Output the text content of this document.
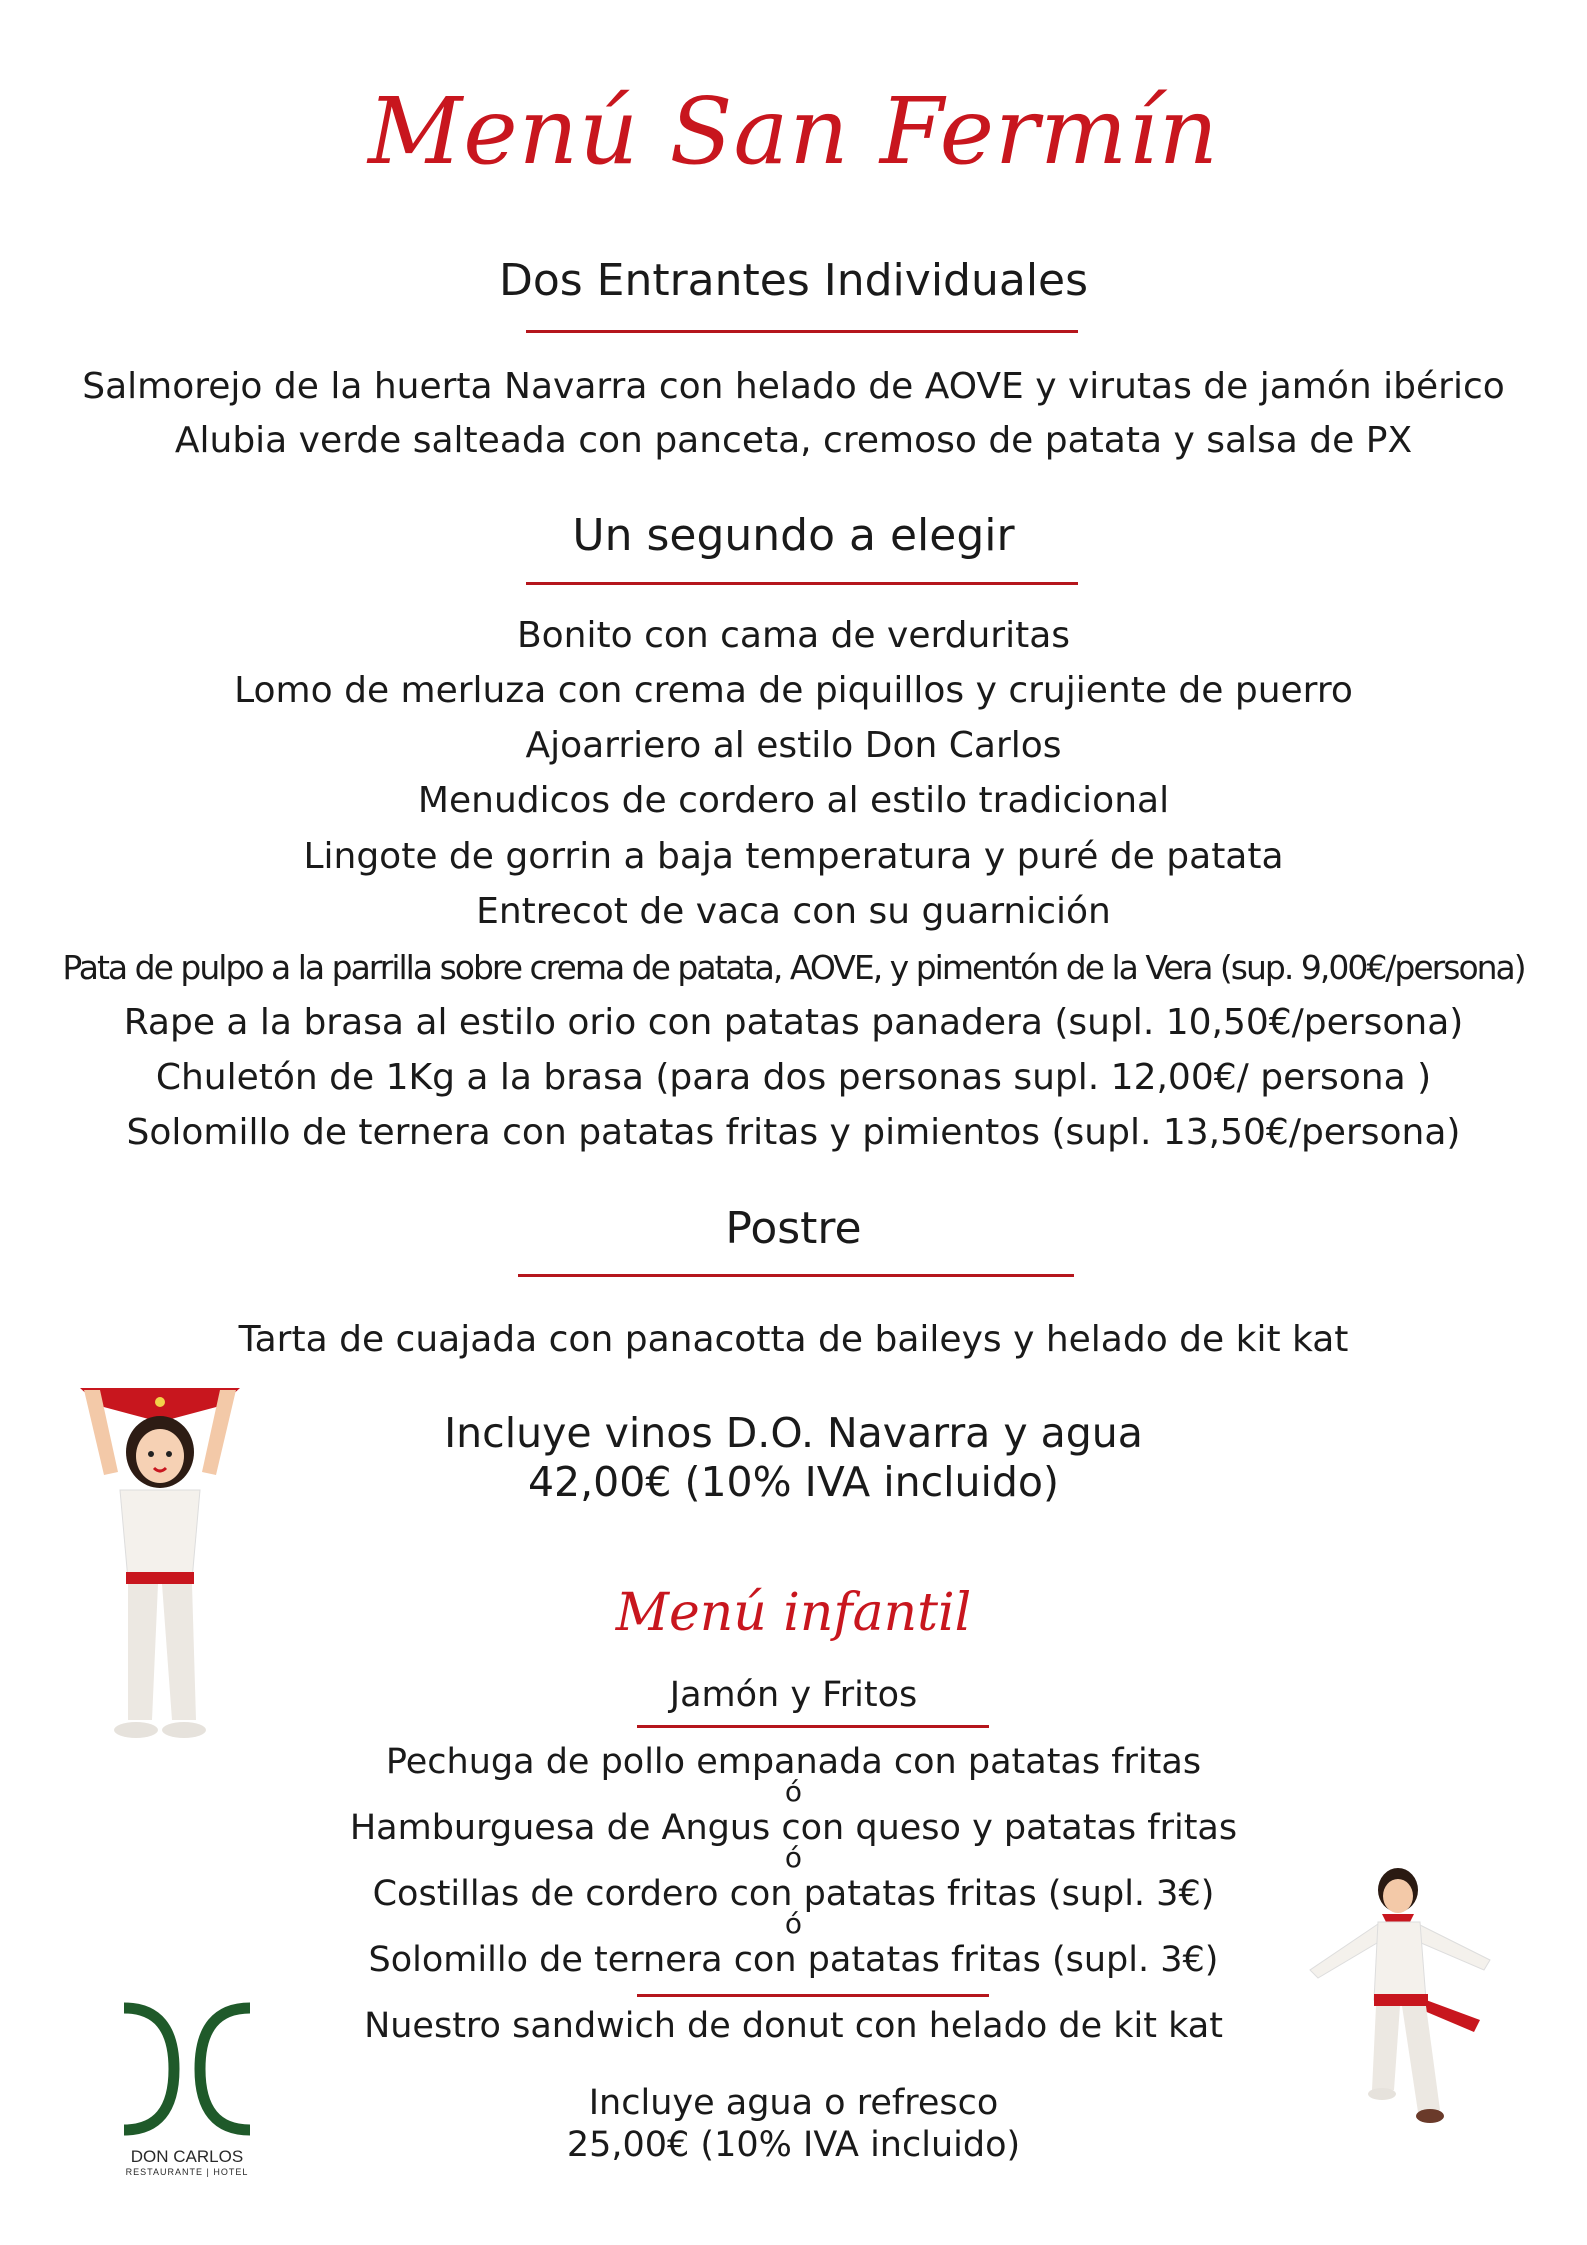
Menú San Fermín
Dos Entrantes Individuales
Salmorejo de la huerta Navarra con helado de AOVE y virutas de jamón ibérico
Alubia verde salteada con panceta, cremoso de patata y salsa de PX
Un segundo a elegir
Bonito con cama de verduritas
Lomo de merluza con crema de piquillos y crujiente de puerro
Ajoarriero al estilo Don Carlos
Menudicos de cordero al estilo tradicional
Lingote de gorrin a baja temperatura y puré de patata
Entrecot de vaca con su guarnición
Pata de pulpo a la parrilla sobre crema de patata, AOVE, y pimentón de la Vera (sup. 9,00€/persona)
Rape a la brasa al estilo orio con patatas panadera (supl. 10,50€/persona)
Chuletón de 1Kg a la brasa (para dos personas supl. 12,00€/ persona )
Solomillo de ternera con patatas fritas y pimientos (supl. 13,50€/persona)
Postre
Tarta de cuajada con panacotta de baileys y helado de kit kat
Incluye vinos D.O. Navarra y agua
42,00€ (10% IVA incluido)
Menú infantil
Jamón y Fritos
Pechuga de pollo empanada con patatas fritas
ó
Hamburguesa de Angus con queso y patatas fritas
ó
Costillas de cordero con patatas fritas (supl. 3€)
ó
Solomillo de ternera con patatas fritas (supl. 3€)
Nuestro sandwich de donut con helado de kit kat
Incluye agua o refresco
25,00€ (10% IVA incluido)
DON CARLOS
RESTAURANTE | HOTEL
